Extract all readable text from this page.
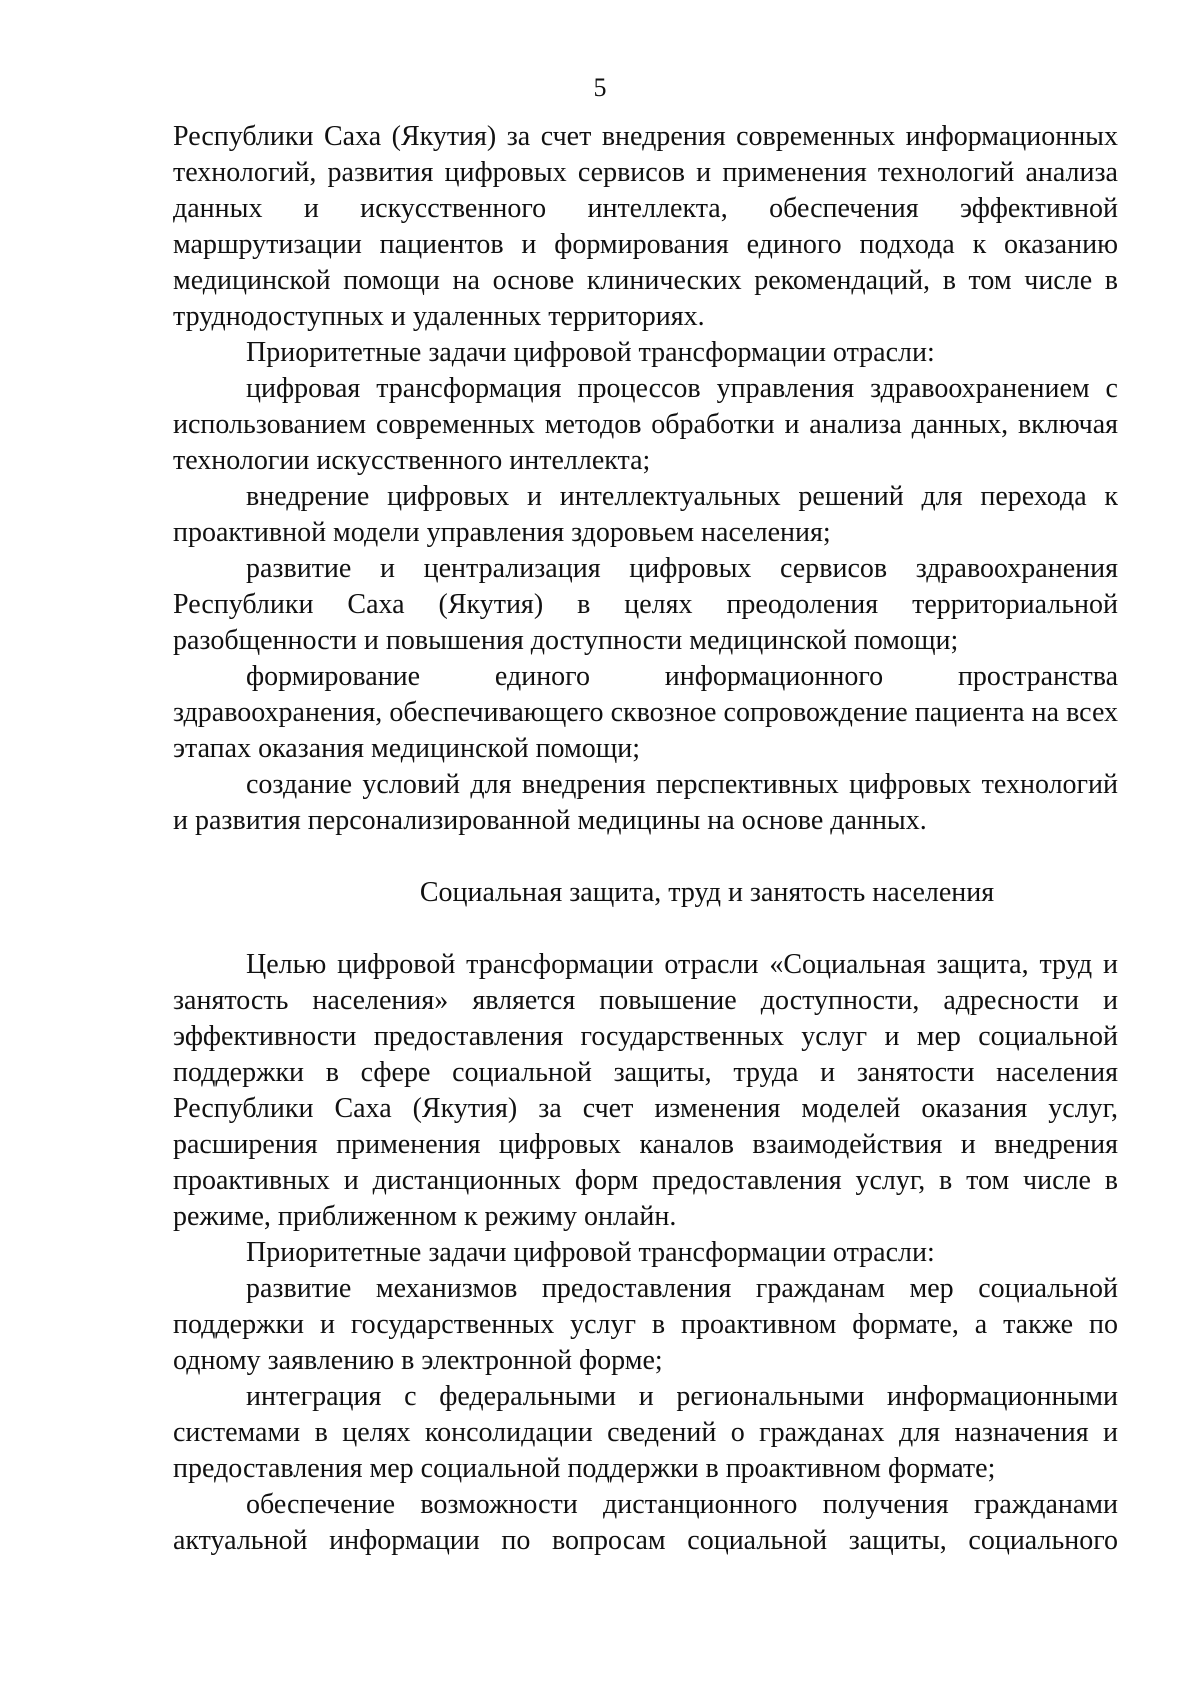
5

Республики Саха (Якутия) за счет внедрения современных информационных технологий, развития цифровых сервисов и применения технологий анализа данных и искусственного интеллекта, обеспечения эффективной маршрутизации пациентов и формирования единого подхода к оказанию медицинской помощи на основе клинических рекомендаций, в том числе в труднодоступных и удаленных территориях.

Приоритетные задачи цифровой трансформации отрасли:

цифровая трансформация процессов управления здравоохранением с использованием современных методов обработки и анализа данных, включая технологии искусственного интеллекта;

внедрение цифровых и интеллектуальных решений для перехода к проактивной модели управления здоровьем населения;

развитие и централизация цифровых сервисов здравоохранения Республики Саха (Якутия) в целях преодоления территориальной разобщенности и повышения доступности медицинской помощи;

формирование единого информационного пространства здравоохранения, обеспечивающего сквозное сопровождение пациента на всех этапах оказания медицинской помощи;

создание условий для внедрения перспективных цифровых технологий и развития персонализированной медицины на основе данных.

Социальная защита, труд и занятость населения

Целью цифровой трансформации отрасли «Социальная защита, труд и занятость населения» является повышение доступности, адресности и эффективности предоставления государственных услуг и мер социальной поддержки в сфере социальной защиты, труда и занятости населения Республики Саха (Якутия) за счет изменения моделей оказания услуг, расширения применения цифровых каналов взаимодействия и внедрения проактивных и дистанционных форм предоставления услуг, в том числе в режиме, приближенном к режиму онлайн.

Приоритетные задачи цифровой трансформации отрасли:

развитие механизмов предоставления гражданам мер социальной поддержки и государственных услуг в проактивном формате, а также по одному заявлению в электронной форме;

интеграция с федеральными и региональными информационными системами в целях консолидации сведений о гражданах для назначения и предоставления мер социальной поддержки в проактивном формате;

обеспечение возможности дистанционного получения гражданами актуальной информации по вопросам социальной защиты, социального
